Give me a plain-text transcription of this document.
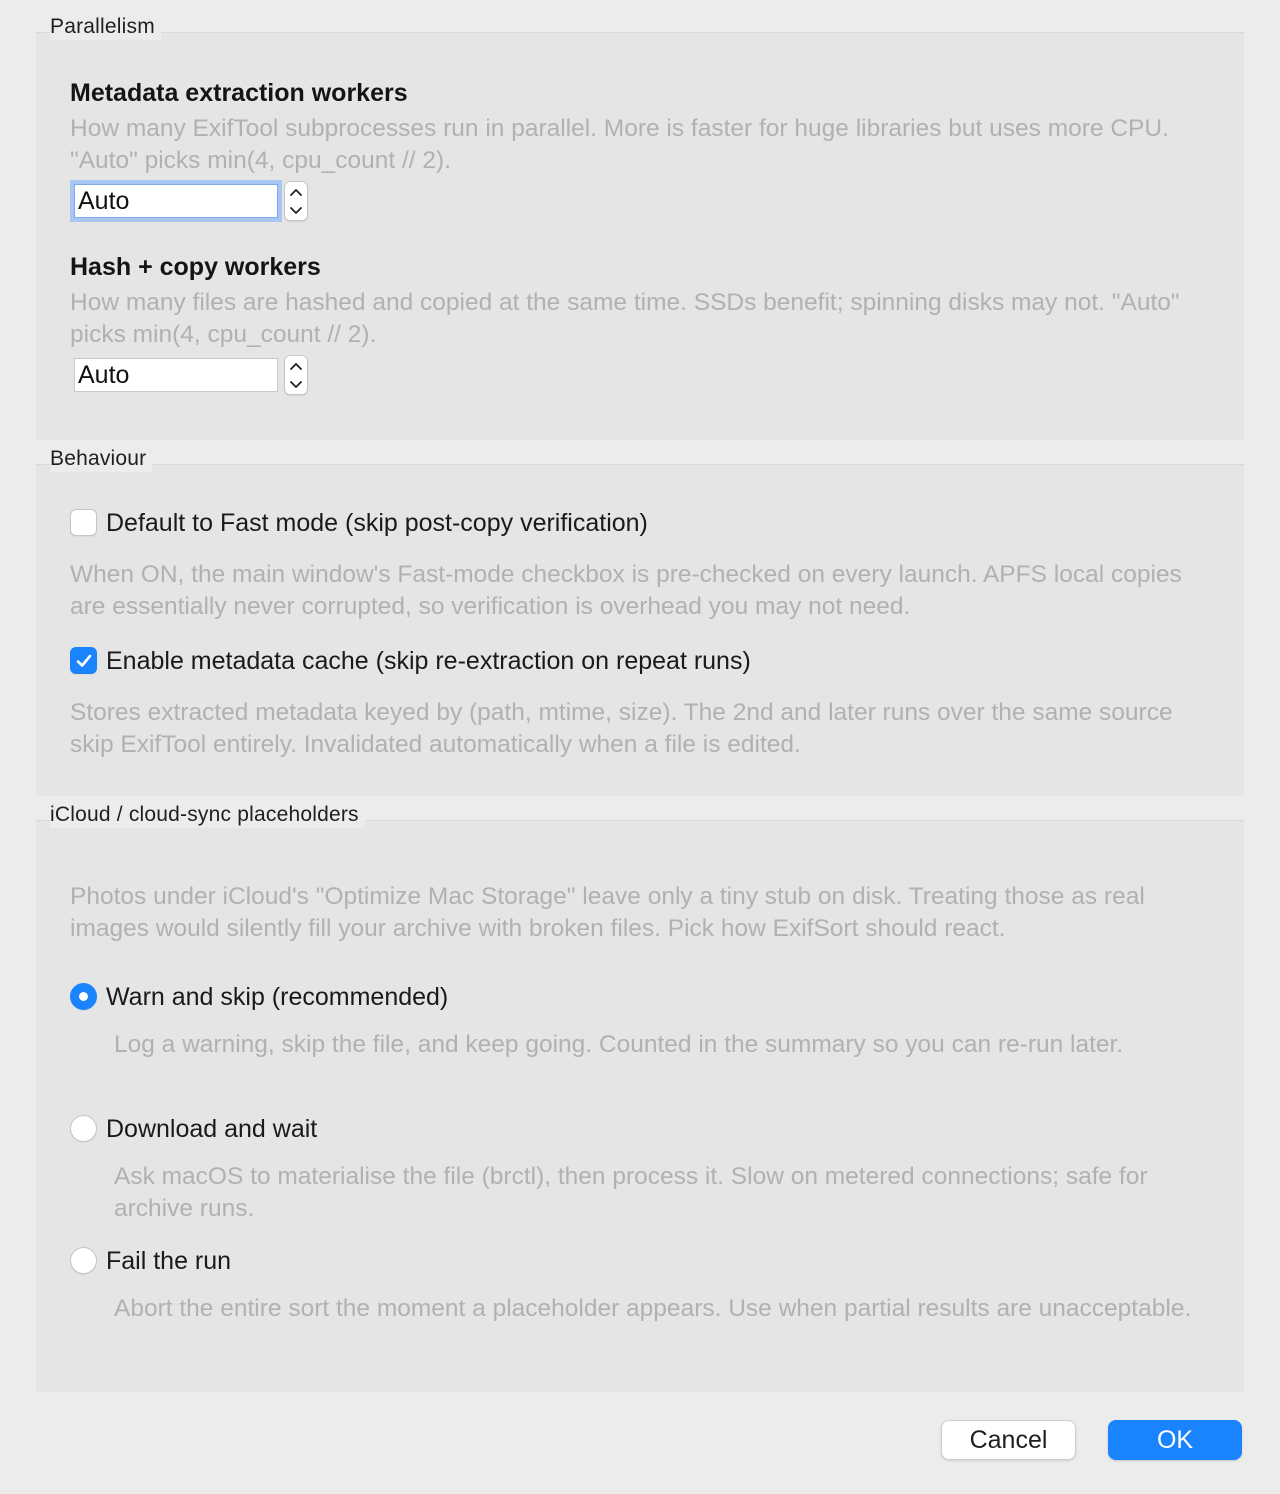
Parallelism
Metadata extraction workers
How many ExifTool subprocesses run in parallel. More is faster for huge libraries but uses more CPU. "Auto" picks min(4, cpu_count // 2).
Auto
Hash + copy workers
How many files are hashed and copied at the same time. SSDs benefit; spinning disks may not. "Auto" picks min(4, cpu_count // 2).
Auto
Behaviour
Default to Fast mode (skip post-copy verification)
When ON, the main window's Fast-mode checkbox is pre-checked on every launch. APFS local copies are essentially never corrupted, so verification is overhead you may not need.
Enable metadata cache (skip re-extraction on repeat runs)
Stores extracted metadata keyed by (path, mtime, size). The 2nd and later runs over the same source skip ExifTool entirely. Invalidated automatically when a file is edited.
iCloud / cloud-sync placeholders
Photos under iCloud's "Optimize Mac Storage" leave only a tiny stub on disk. Treating those as real images would silently fill your archive with broken files. Pick how ExifSort should react.
Warn and skip (recommended)
Log a warning, skip the file, and keep going. Counted in the summary so you can re-run later.
Download and wait
Ask macOS to materialise the file (brctl), then process it. Slow on metered connections; safe for archive runs.
Fail the run
Abort the entire sort the moment a placeholder appears. Use when partial results are unacceptable.
Cancel	OK
